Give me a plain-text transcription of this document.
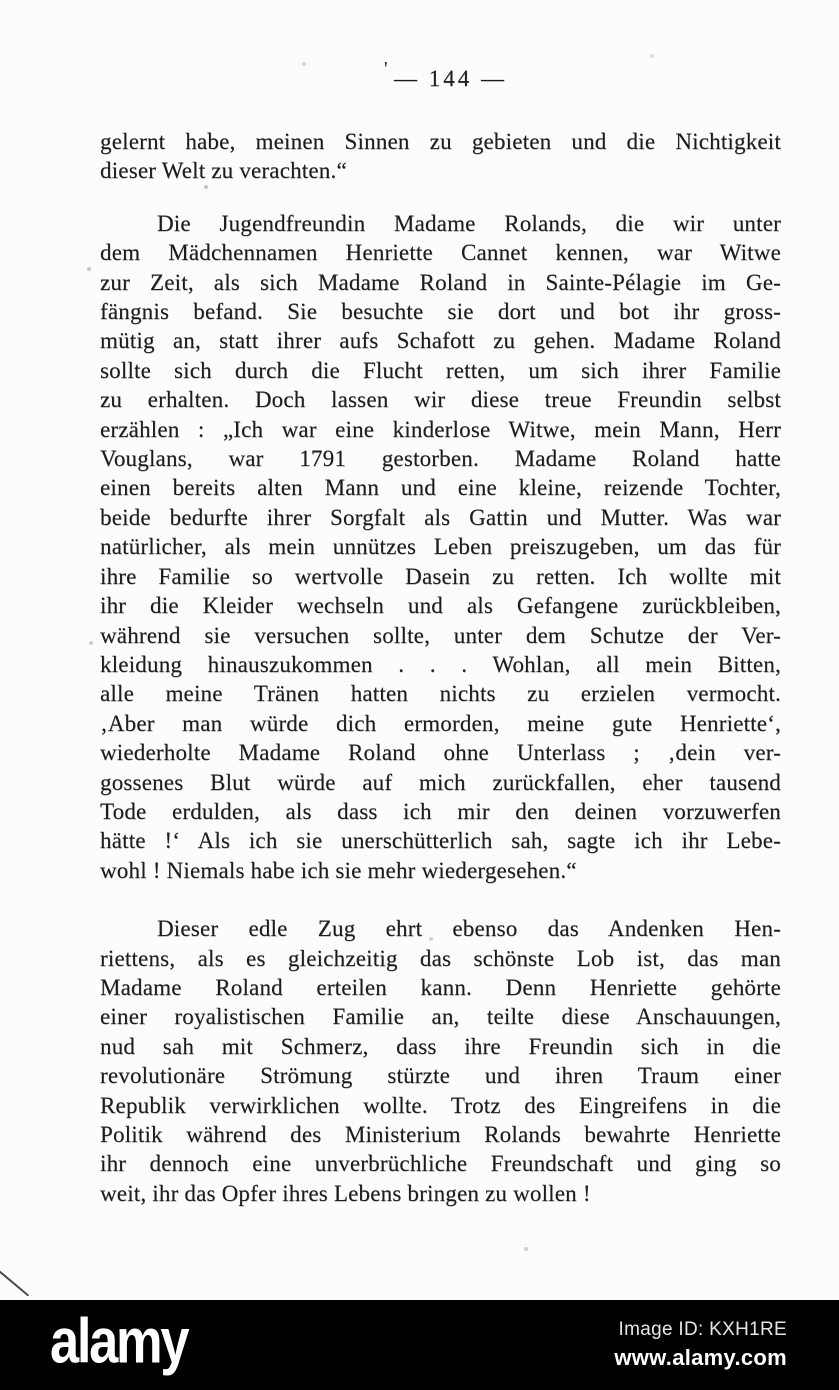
' — 144 —
gelernt habe, meinen Sinnen zu gebieten und die Nichtigkeit
dieser Welt zu verachten.“
Die Jugendfreundin Madame Rolands, die wir unter
dem Mädchennamen Henriette Cannet kennen, war Witwe
zur Zeit, als sich Madame Roland in Sainte-Pélagie im Ge-
fängnis befand. Sie besuchte sie dort und bot ihr gross-
mütig an, statt ihrer aufs Schafott zu gehen. Madame Roland
sollte sich durch die Flucht retten, um sich ihrer Familie
zu erhalten. Doch lassen wir diese treue Freundin selbst
erzählen : „Ich war eine kinderlose Witwe, mein Mann, Herr
Vouglans, war 1791 gestorben. Madame Roland hatte
einen bereits alten Mann und eine kleine, reizende Tochter,
beide bedurfte ihrer Sorgfalt als Gattin und Mutter. Was war
natürlicher, als mein unnützes Leben preiszugeben, um das für
ihre Familie so wertvolle Dasein zu retten. Ich wollte mit
ihr die Kleider wechseln und als Gefangene zurückbleiben,
während sie versuchen sollte, unter dem Schutze der Ver-
kleidung hinauszukommen . . . Wohlan, all mein Bitten,
alle meine Tränen hatten nichts zu erzielen vermocht.
‚Aber man würde dich ermorden, meine gute Henriette‘,
wiederholte Madame Roland ohne Unterlass ; ‚dein ver-
gossenes Blut würde auf mich zurückfallen, eher tausend
Tode erdulden, als dass ich mir den deinen vorzuwerfen
hätte !‘ Als ich sie unerschütterlich sah, sagte ich ihr Lebe-
wohl ! Niemals habe ich sie mehr wiedergesehen.“
Dieser edle Zug ehrt ebenso das Andenken Hen-
riettens, als es gleichzeitig das schönste Lob ist, das man
Madame Roland erteilen kann. Denn Henriette gehörte
einer royalistischen Familie an, teilte diese Anschauungen,
nud sah mit Schmerz, dass ihre Freundin sich in die
revolutionäre Strömung stürzte und ihren Traum einer
Republik verwirklichen wollte. Trotz des Eingreifens in die
Politik während des Ministerium Rolands bewahrte Henriette
ihr dennoch eine unverbrüchliche Freundschaft und ging so
weit, ihr das Opfer ihres Lebens bringen zu wollen !
alamy	Image ID: KXH1RE
www.alamy.com
